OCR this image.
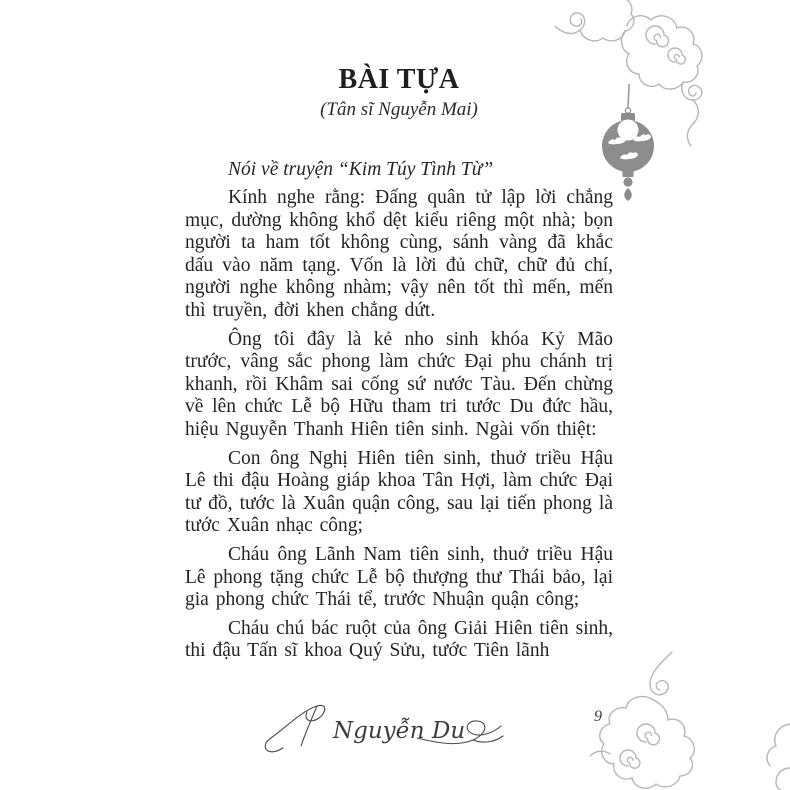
BÀI TỰA
(Tân sĩ Nguyễn Mai)
Nói về truyện “Kim Túy Tình Từ”

Kính nghe rằng: Đấng quân tử lập lời chẳng mục, dường không khổ dệt kiểu riêng một nhà; bọn người ta ham tốt không cùng, sánh vàng đã khắc dấu vào năm tạng. Vốn là lời đủ chữ, chữ đủ chí, người nghe không nhàm; vậy nên tốt thì mến, mến thì truyền, đời khen chẳng dứt.

Ông tôi đây là kẻ nho sinh khóa Kỷ Mão trước, vâng sắc phong làm chức Đại phu chánh trị khanh, rồi Khâm sai cống sứ nước Tàu. Đến chừng về lên chức Lễ bộ Hữu tham tri tước Du đức hầu, hiệu Nguyễn Thanh Hiên tiên sinh. Ngài vốn thiệt:

Con ông Nghị Hiên tiên sinh, thuở triều Hậu Lê thi đậu Hoàng giáp khoa Tân Hợi, làm chức Đại tư đồ, tước là Xuân quận công, sau lại tiến phong là tước Xuân nhạc công;

Cháu ông Lãnh Nam tiên sinh, thuở triều Hậu Lê phong tặng chức Lễ bộ thượng thư Thái bảo, lại gia phong chức Thái tể, trước Nhuận quận công;

Cháu chú bác ruột của ông Giải Hiên tiên sinh, thi đậu Tấn sĩ khoa Quý Sửu, tước Tiên lãnh

Nguyễn Du
9
